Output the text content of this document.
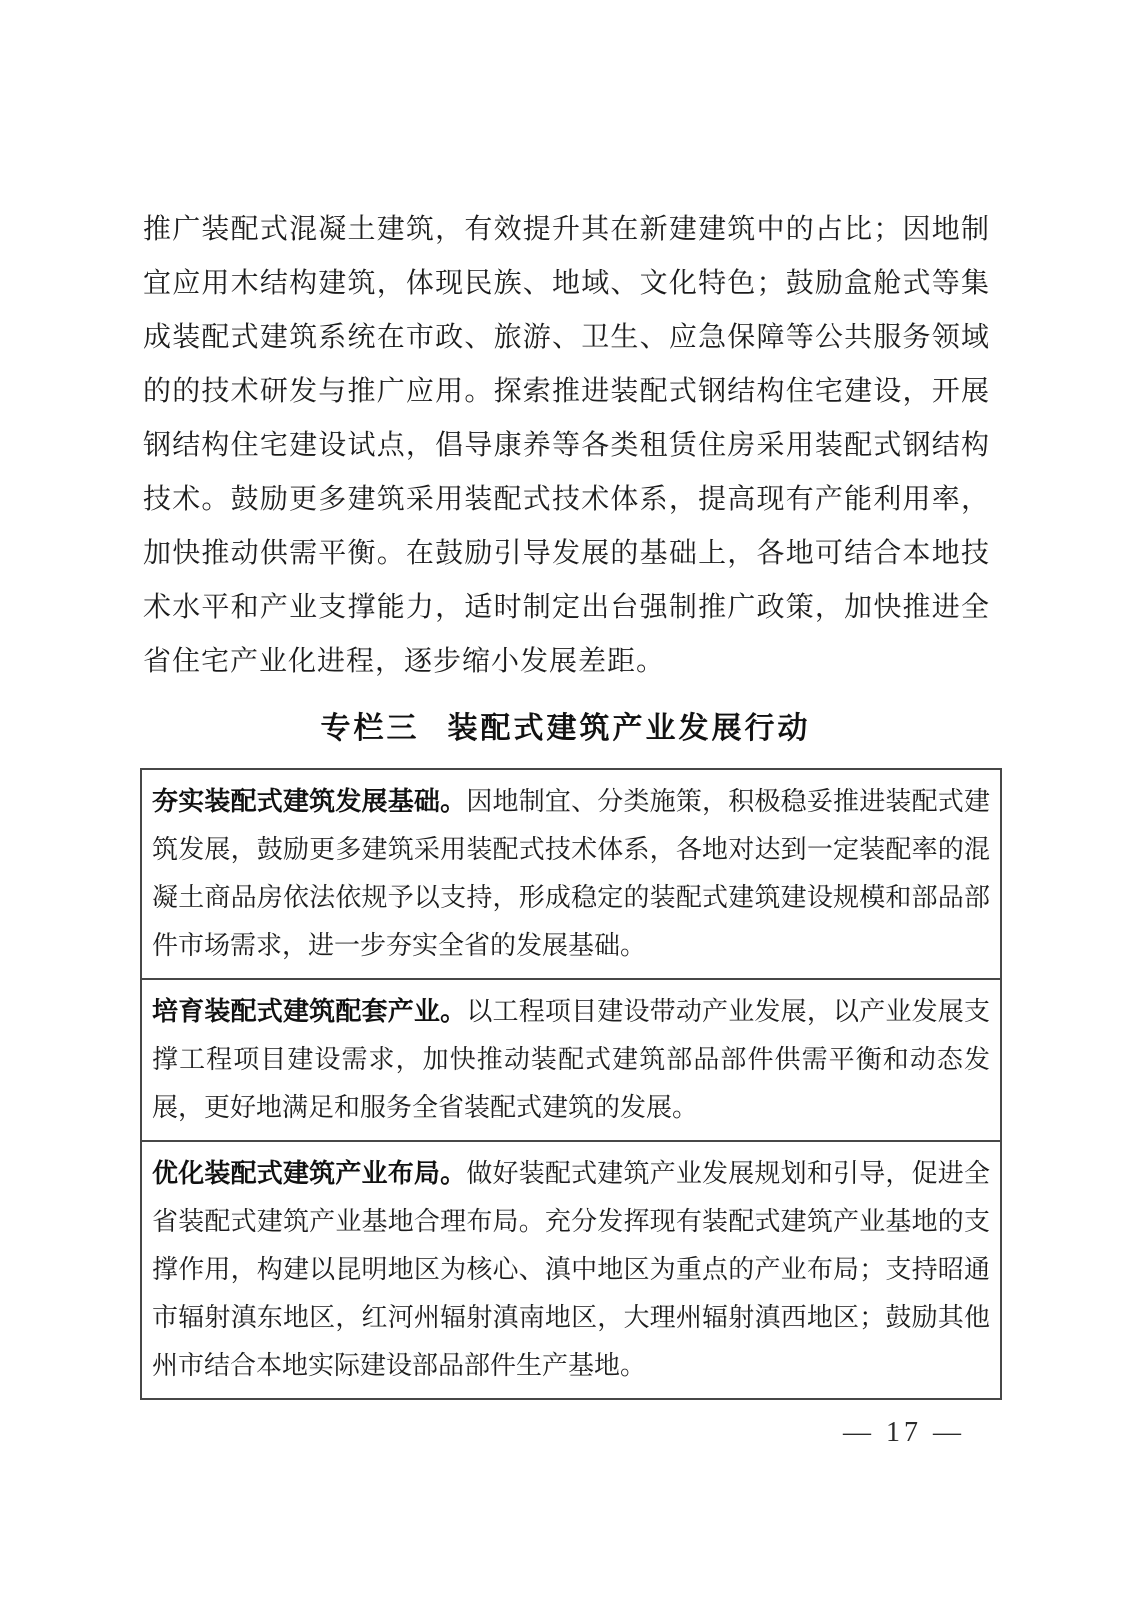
推广装配式混凝土建筑，有效提升其在新建建筑中的占比；因地制宜应用木结构建筑，体现民族、地域、文化特色；鼓励盒舱式等集成装配式建筑系统在市政、旅游、卫生、应急保障等公共服务领域的的技术研发与推广应用。探索推进装配式钢结构住宅建设，开展钢结构住宅建设试点，倡导康养等各类租赁住房采用装配式钢结构技术。鼓励更多建筑采用装配式技术体系，提高现有产能利用率，加快推动供需平衡。在鼓励引导发展的基础上，各地可结合本地技术水平和产业支撑能力，适时制定出台强制推广政策，加快推进全省住宅产业化进程，逐步缩小发展差距。

专栏三 装配式建筑产业发展行动
夯实装配式建筑发展基础。因地制宜、分类施策，积极稳妥推进装配式建筑发展，鼓励更多建筑采用装配式技术体系，各地对达到一定装配率的混凝土商品房依法依规予以支持，形成稳定的装配式建筑建设规模和部品部件市场需求，进一步夯实全省的发展基础。
培育装配式建筑配套产业。以工程项目建设带动产业发展，以产业发展支撑工程项目建设需求，加快推动装配式建筑部品部件供需平衡和动态发展，更好地满足和服务全省装配式建筑的发展。
优化装配式建筑产业布局。做好装配式建筑产业发展规划和引导，促进全省装配式建筑产业基地合理布局。充分发挥现有装配式建筑产业基地的支撑作用，构建以昆明地区为核心、滇中地区为重点的产业布局；支持昭通市辐射滇东地区，红河州辐射滇南地区，大理州辐射滇西地区；鼓励其他州市结合本地实际建设部品部件生产基地。
— 17 —
